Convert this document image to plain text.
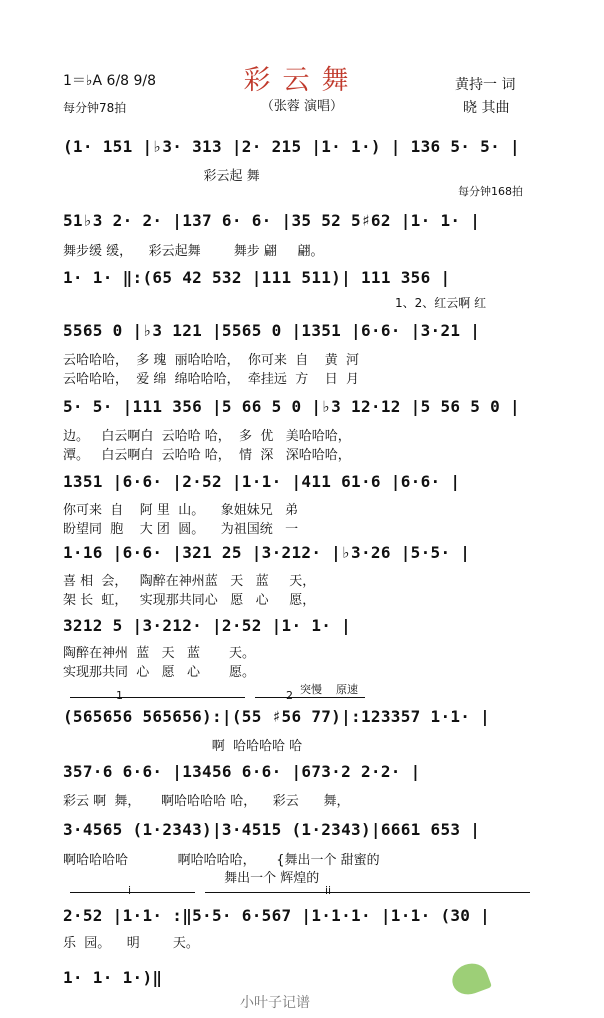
彩云舞
（张蓉 演唱）
1＝♭A 6/8 9/8
每分钟78拍
黄持一 词
晓 其曲
(1· 151 |♭3· 313 |2· 215 |1· 1·) | 136 5· 5· |
彩云起 舞
每分钟168拍
51♭3 2· 2· |137 6· 6· |35 52 5♯62 |1· 1· |
舞步缓 缓，    彩云起舞        舞步 翩     翩。
1· 1· ‖:(65 42 532 |111 511)| 111 356 |
1、2、红云啊 红
5565 0 |♭3 121 |5565 0 |1351 |6·6· |3·21 |
云哈哈哈，  多 瑰  丽哈哈哈，  你可来  自    黄  河
云哈哈哈，  爱 绵  绵哈哈哈，  牵挂远  方    日  月
5· 5· |111 356 |5 66 5 0 |♭3 12·12 |5 56 5 0 |
边。   白云啊白  云哈哈 哈，  多  优   美哈哈哈，
潭。   白云啊白  云哈哈 哈，  情  深   深哈哈哈，
1351 |6·6· |2·52 |1·1· |411 61·6 |6·6· |
你可来  自    阿 里  山。    象姐妹兄   弟
盼望同  胞    大 团  圆。    为祖国统   一
1·16 |6·6· |321 25 |3·212· |♭3·26 |5·5· |
喜 相  会，   陶醉在神州蓝   天   蓝     天，
架 长  虹，   实现那共同心   愿   心     愿，
3212 5 |3·212· |2·52 |1· 1· |
陶醉在神州  蓝   天   蓝       天。
实现那共同  心   愿   心       愿。
1	2 突慢    原速
(565656 565656):|(55 ♯56 77)|:123357 1·1· |
啊  哈哈哈哈 哈
357·6 6·6· |13456 6·6· |673·2 2·2· |
彩云 啊  舞，     啊哈哈哈哈 哈，    彩云      舞，
3·4565 (1·2343)|3·4515 (1·2343)|6661 653 |
啊哈哈哈哈            啊哈哈哈哈，     {舞出一个 甜蜜的
舞出一个 辉煌的
i	ii
2·52 |1·1· :‖5·5· 6·567 |1·1·1· |1·1· (30 |
乐  园。    明        天。
1· 1· 1·)‖
小叶子记谱
